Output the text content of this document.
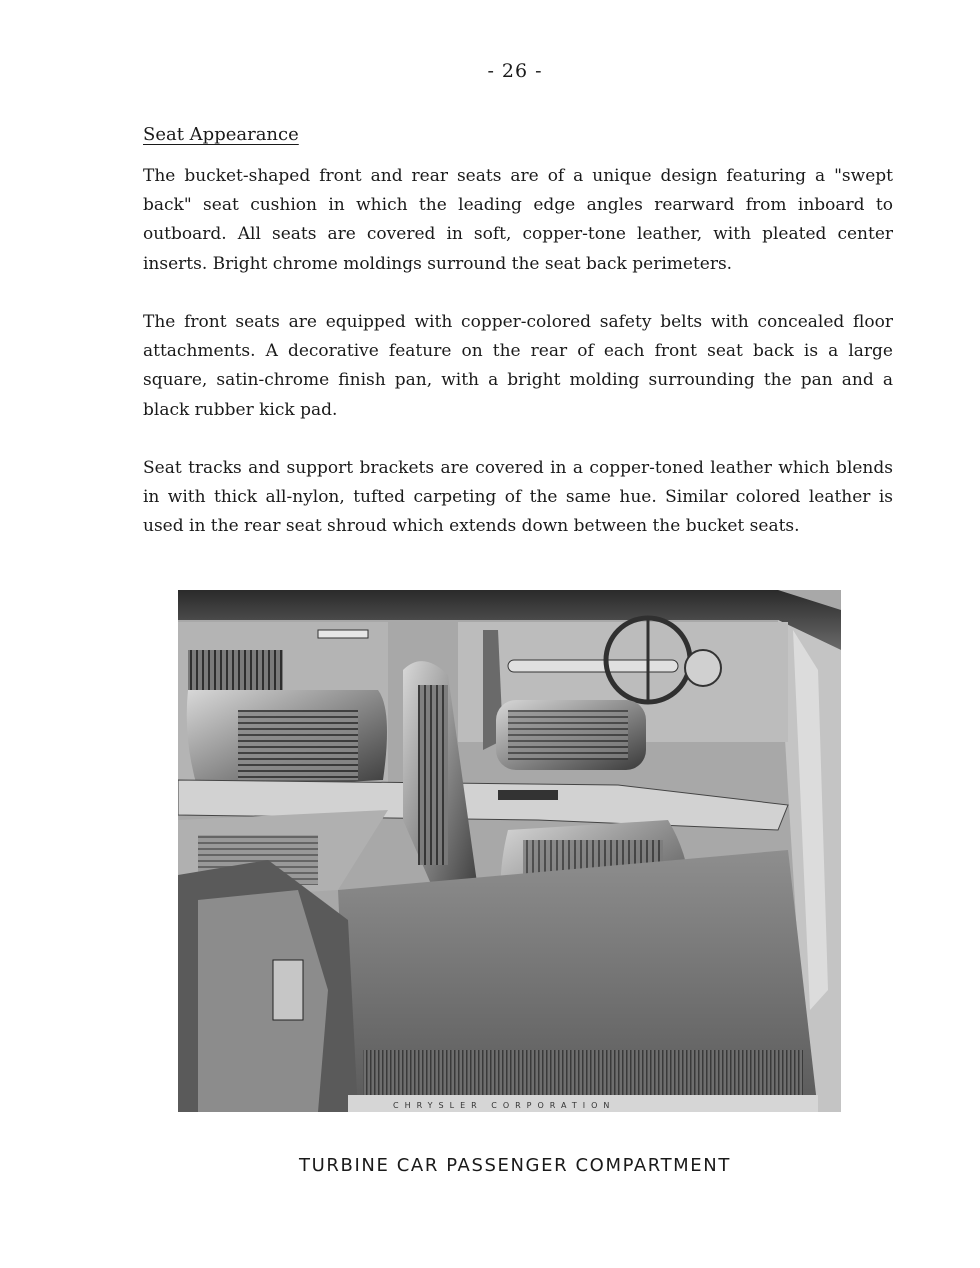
- 26 -
Seat Appearance

The bucket-shaped front and rear seats are of a unique design featuring a "swept back" seat cushion in which the leading edge angles rearward from inboard to outboard. All seats are covered in soft, copper-tone leather, with pleated center inserts. Bright chrome moldings surround the seat back perimeters.

The front seats are equipped with copper-colored safety belts with concealed floor attachments. A decorative feature on the rear of each front seat back is a large square, satin-chrome finish pan, with a bright molding surrounding the pan and a black rubber kick pad.

Seat tracks and support brackets are covered in a copper-toned leather which blends in with thick all-nylon, tufted carpeting of the same hue. Similar colored leather is used in the rear seat shroud which extends down between the bucket seats.

CHRYSLER CORPORATION
TURBINE CAR PASSENGER COMPARTMENT
